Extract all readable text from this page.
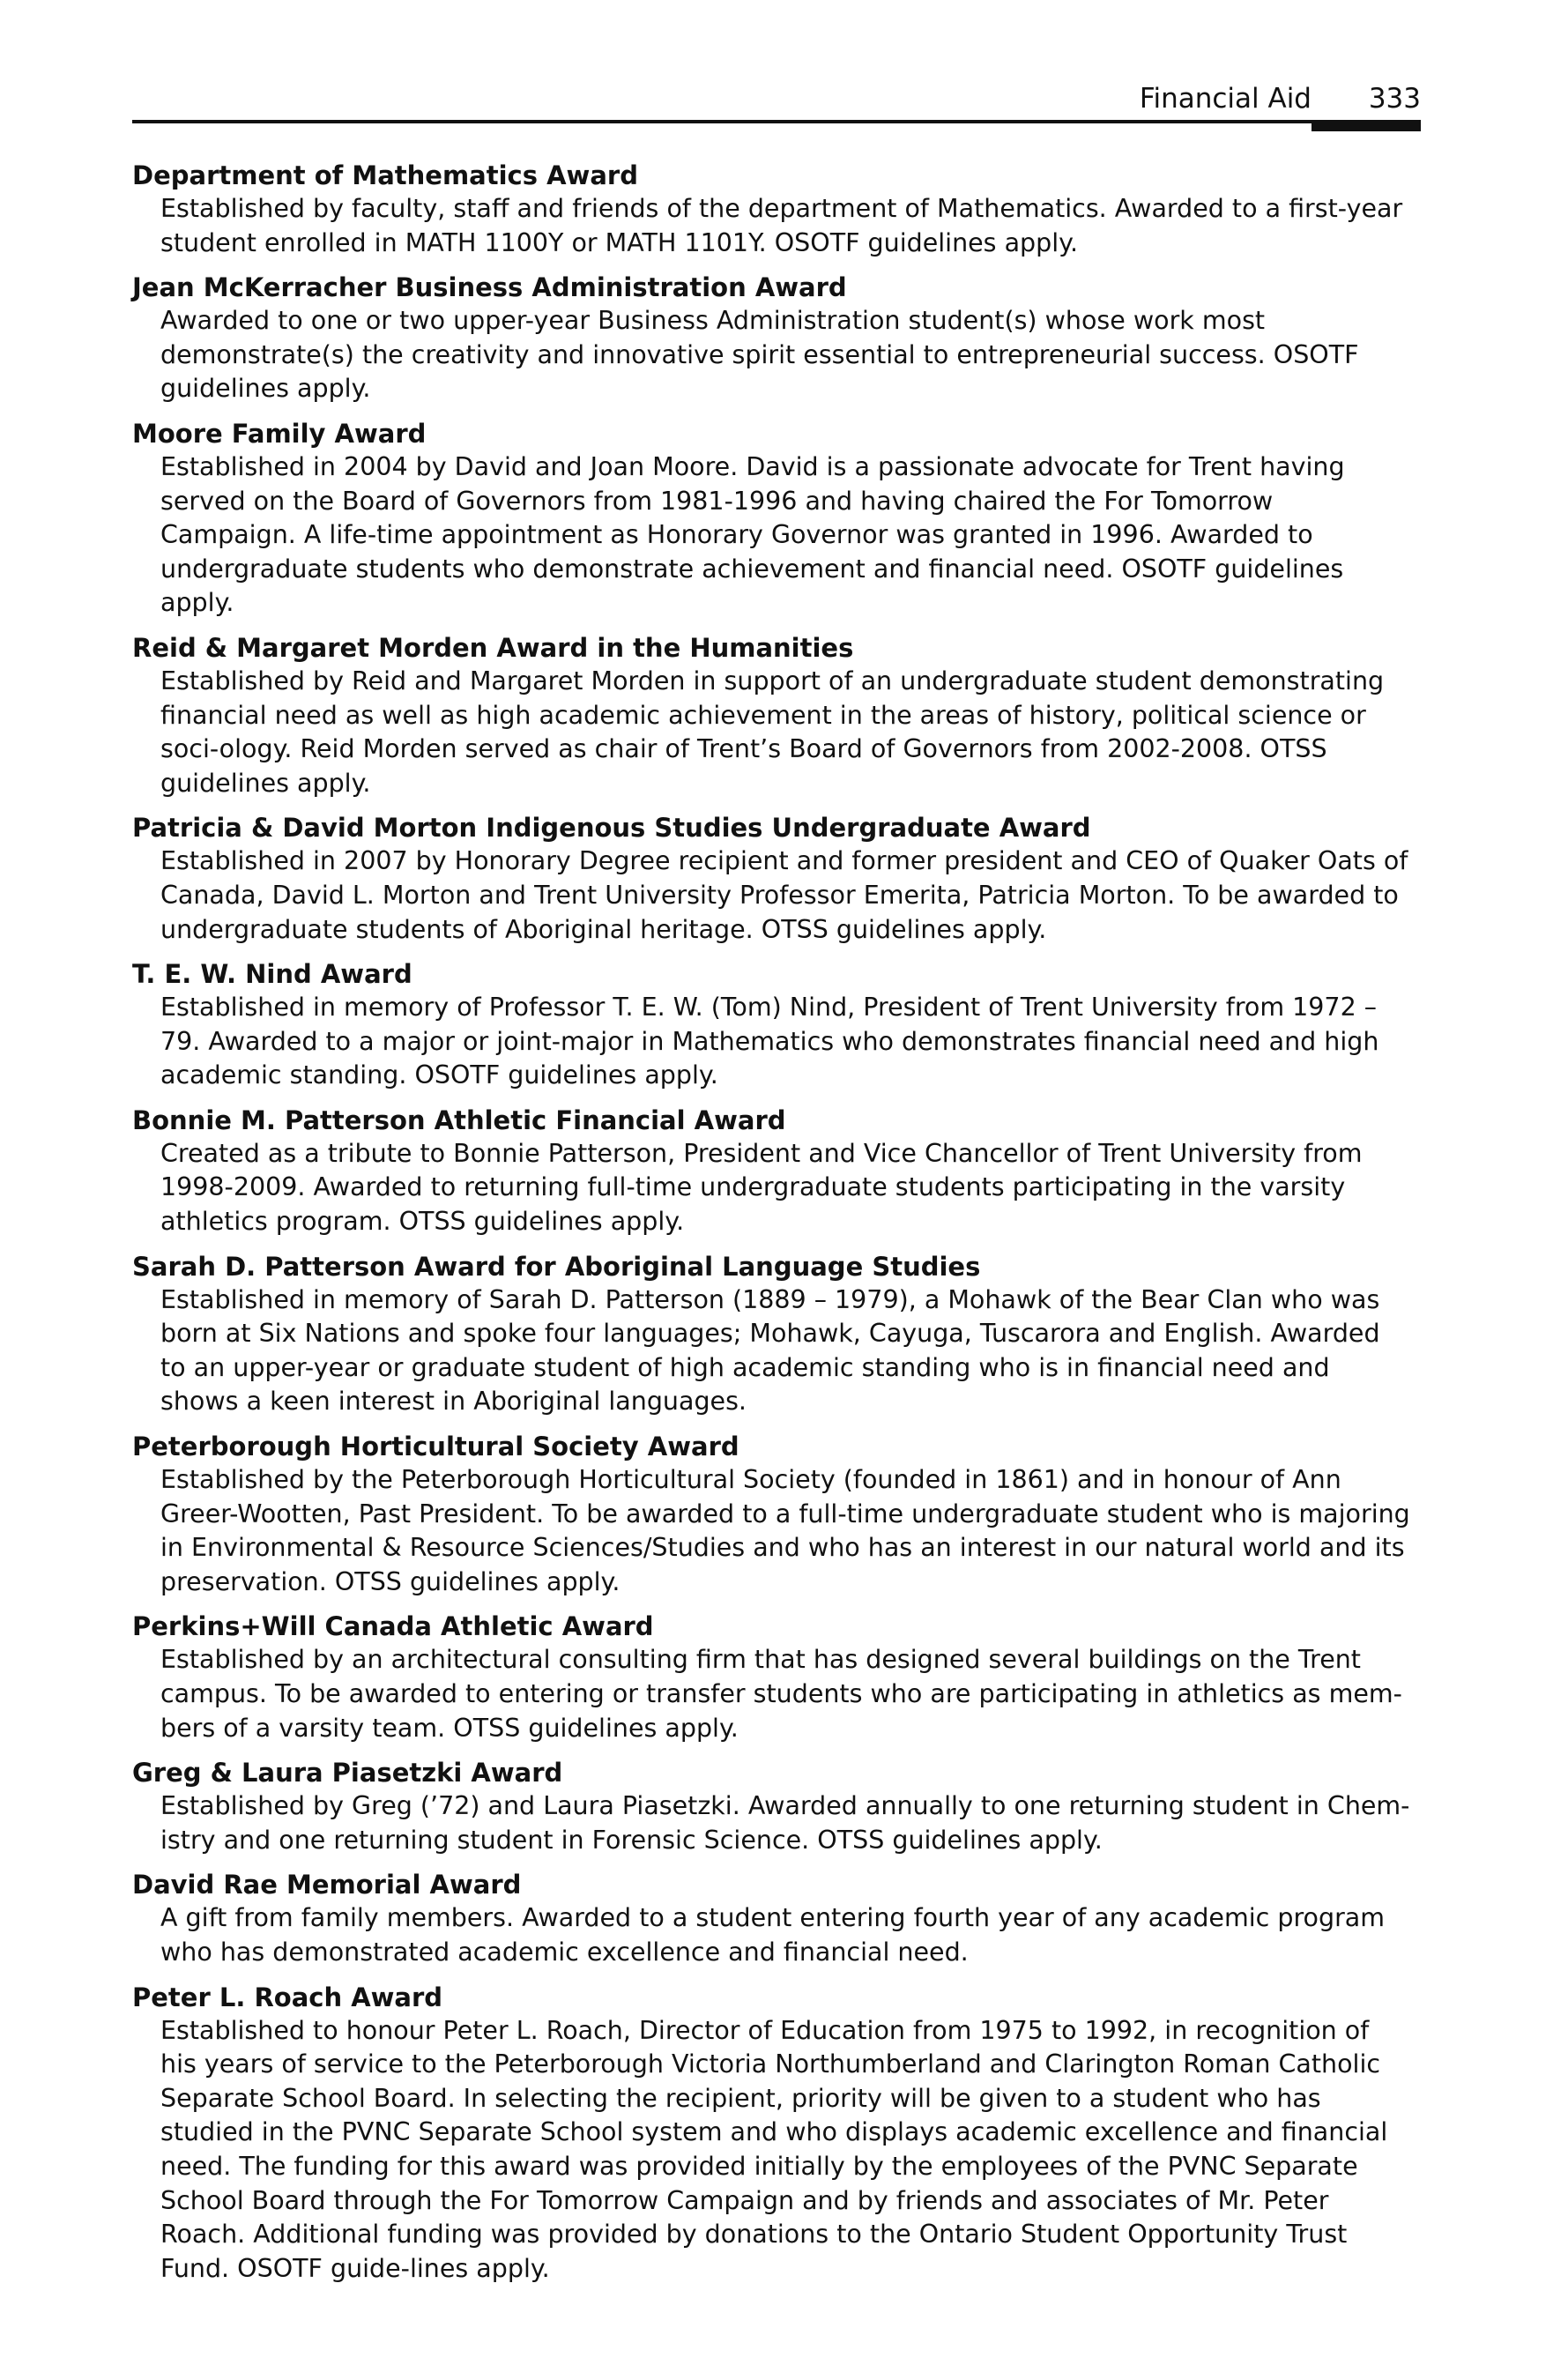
Financial Aid 333

Department of Mathematics Award

Established by faculty, staff and friends of the department of Mathematics. Awarded to a first-year student enrolled in MATH 1100Y or MATH 1101Y. OSOTF guidelines apply.

Jean McKerracher Business Administration Award

Awarded to one or two upper-year Business Administration student(s) whose work most demonstrate(s) the creativity and innovative spirit essential to entrepreneurial success. OSOTF guidelines apply.

Moore Family Award

Established in 2004 by David and Joan Moore. David is a passionate advocate for Trent having served on the Board of Governors from 1981-1996 and having chaired the For Tomorrow Campaign. A life-time appointment as Honorary Governor was granted in 1996. Awarded to undergraduate students who demonstrate achievement and financial need. OSOTF guidelines apply.

Reid & Margaret Morden Award in the Humanities

Established by Reid and Margaret Morden in support of an undergraduate student demonstrating financial need as well as high academic achievement in the areas of history, political science or soci-ology. Reid Morden served as chair of Trent’s Board of Governors from 2002-2008. OTSS guidelines apply.

Patricia & David Morton Indigenous Studies Undergraduate Award

Established in 2007 by Honorary Degree recipient and former president and CEO of Quaker Oats of Canada, David L. Morton and Trent University Professor Emerita, Patricia Morton. To be awarded to undergraduate students of Aboriginal heritage. OTSS guidelines apply.

T. E. W. Nind Award

Established in memory of Professor T. E. W. (Tom) Nind, President of Trent University from 1972 – 79. Awarded to a major or joint-major in Mathematics who demonstrates financial need and high academic standing. OSOTF guidelines apply.

Bonnie M. Patterson Athletic Financial Award

Created as a tribute to Bonnie Patterson, President and Vice Chancellor of Trent University from 1998-2009. Awarded to returning full-time undergraduate students participating in the varsity athletics program. OTSS guidelines apply.

Sarah D. Patterson Award for Aboriginal Language Studies

Established in memory of Sarah D. Patterson (1889 – 1979), a Mohawk of the Bear Clan who was born at Six Nations and spoke four languages; Mohawk, Cayuga, Tuscarora and English. Awarded to an upper-year or graduate student of high academic standing who is in financial need and shows a keen interest in Aboriginal languages.

Peterborough Horticultural Society Award

Established by the Peterborough Horticultural Society (founded in 1861) and in honour of Ann Greer-Wootten, Past President. To be awarded to a full-time undergraduate student who is majoring in Environmental & Resource Sciences/Studies and who has an interest in our natural world and its preservation. OTSS guidelines apply.

Perkins+Will Canada Athletic Award

Established by an architectural consulting firm that has designed several buildings on the Trent campus. To be awarded to entering or transfer students who are participating in athletics as mem-bers of a varsity team. OTSS guidelines apply.

Greg & Laura Piasetzki Award

Established by Greg (’72) and Laura Piasetzki. Awarded annually to one returning student in Chem-istry and one returning student in Forensic Science. OTSS guidelines apply.

David Rae Memorial Award

A gift from family members. Awarded to a student entering fourth year of any academic program who has demonstrated academic excellence and financial need.

Peter L. Roach Award

Established to honour Peter L. Roach, Director of Education from 1975 to 1992, in recognition of his years of service to the Peterborough Victoria Northumberland and Clarington Roman Catholic Separate School Board. In selecting the recipient, priority will be given to a student who has studied in the PVNC Separate School system and who displays academic excellence and financial need. The funding for this award was provided initially by the employees of the PVNC Separate School Board through the For Tomorrow Campaign and by friends and associates of Mr. Peter Roach. Additional funding was provided by donations to the Ontario Student Opportunity Trust Fund. OSOTF guide-lines apply.
